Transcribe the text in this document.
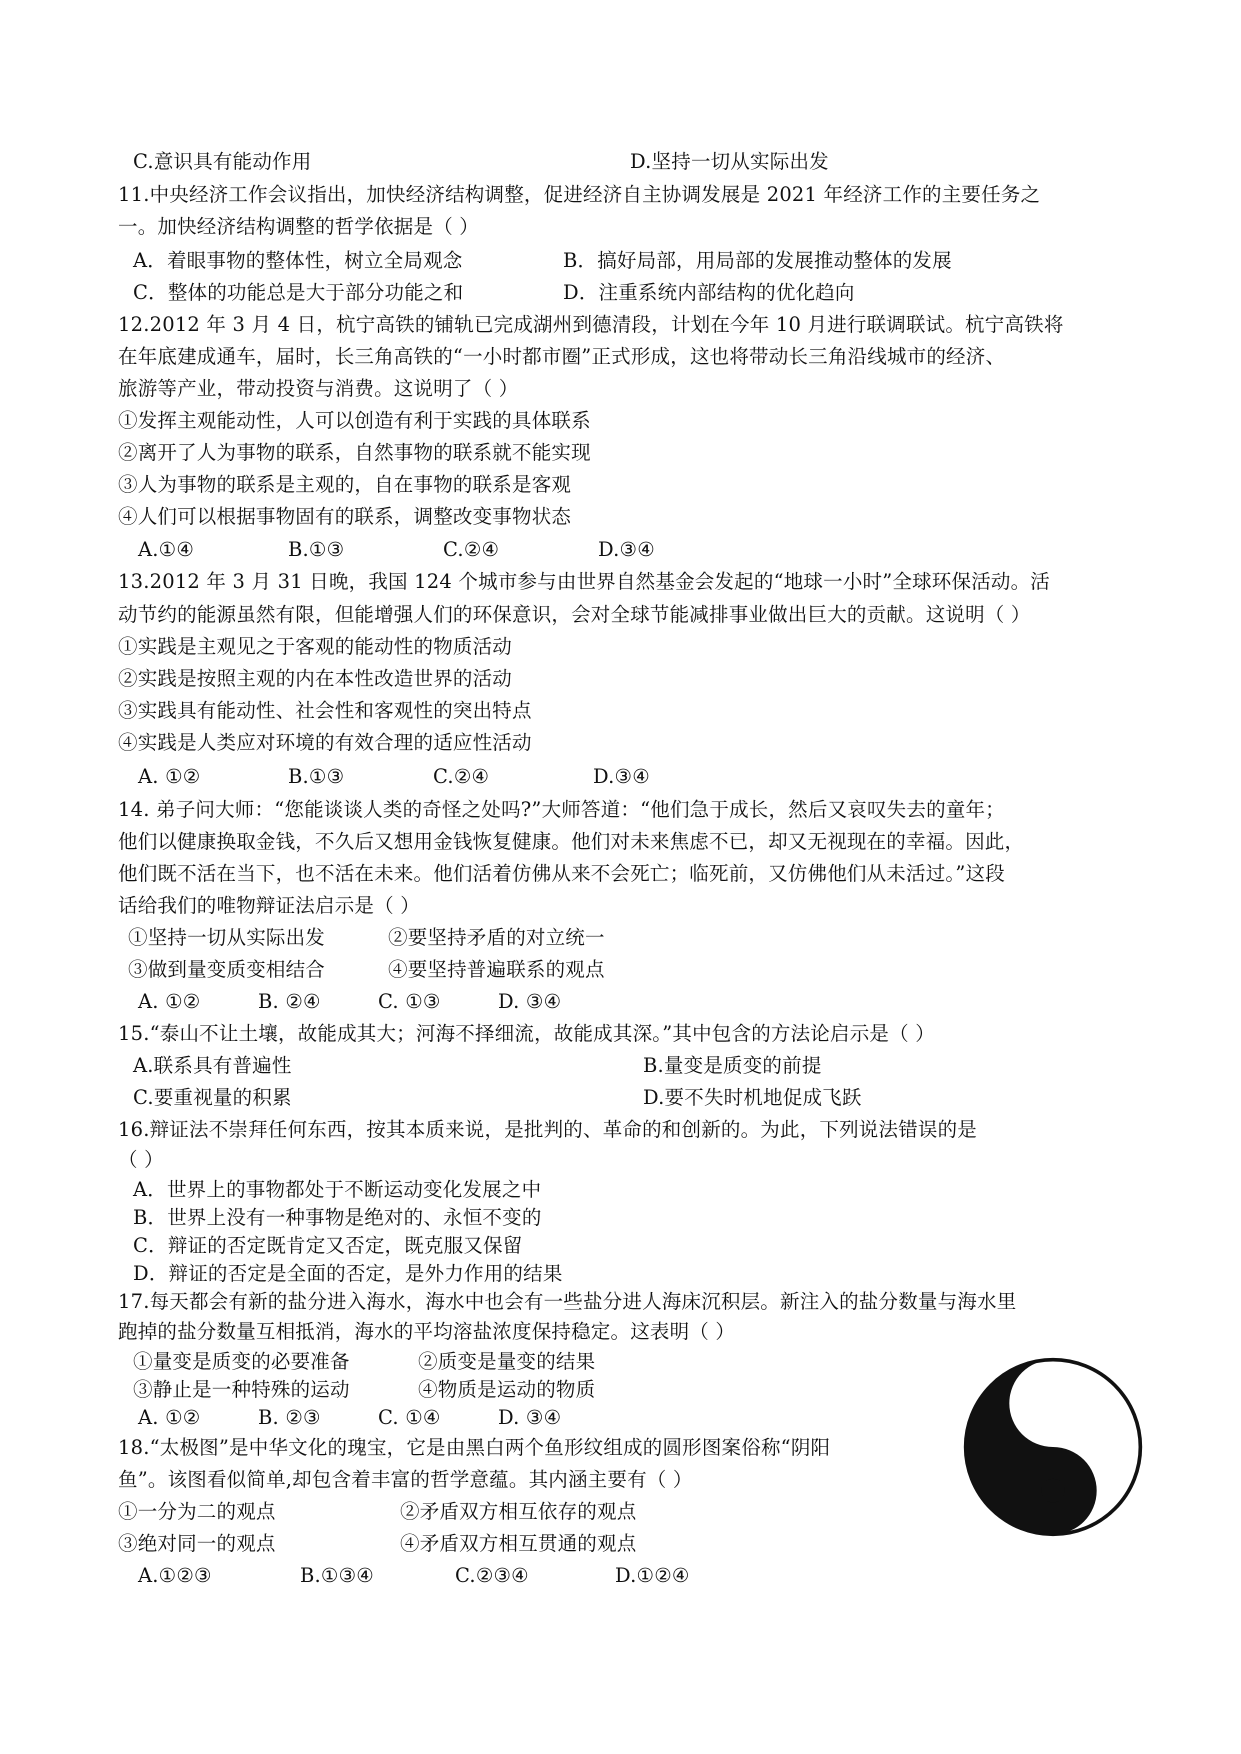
C.意识具有能动作用	D.坚持一切从实际出发
11.中央经济工作会议指出，加快经济结构调整，促进经济自主协调发展是 2021 年经济工作的主要任务之
一。加快经济结构调整的哲学依据是（ ）
A．着眼事物的整体性，树立全局观念	B．搞好局部，用局部的发展推动整体的发展
C．整体的功能总是大于部分功能之和	D．注重系统内部结构的优化趋向
12.2012 年 3 月 4 日，杭宁高铁的铺轨已完成湖州到德清段，计划在今年 10 月进行联调联试。杭宁高铁将
在年底建成通车，届时，长三角高铁的“一小时都市圈”正式形成，这也将带动长三角沿线城市的经济、
旅游等产业，带动投资与消费。这说明了（ ）
①发挥主观能动性，人可以创造有利于实践的具体联系
②离开了人为事物的联系，自然事物的联系就不能实现
③人为事物的联系是主观的，自在事物的联系是客观
④人们可以根据事物固有的联系，调整改变事物状态
A.①④	B.①③	C.②④	D.③④
13.2012 年 3 月 31 日晚，我国 124 个城市参与由世界自然基金会发起的“地球一小时”全球环保活动。活
动节约的能源虽然有限，但能增强人们的环保意识，会对全球节能减排事业做出巨大的贡献。这说明（ ）
①实践是主观见之于客观的能动性的物质活动
②实践是按照主观的内在本性改造世界的活动
③实践具有能动性、社会性和客观性的突出特点
④实践是人类应对环境的有效合理的适应性活动
A. ①②	B.①③	C.②④	D.③④
14. 弟子问大师：“您能谈谈人类的奇怪之处吗?”大师答道：“他们急于成长，然后又哀叹失去的童年；
他们以健康换取金钱，不久后又想用金钱恢复健康。他们对未来焦虑不已，却又无视现在的幸福。因此，
他们既不活在当下，也不活在未来。他们活着仿佛从来不会死亡；临死前，又仿佛他们从未活过。”这段
话给我们的唯物辩证法启示是（ ）
①坚持一切从实际出发	②要坚持矛盾的对立统一
③做到量变质变相结合	④要坚持普遍联系的观点
A. ①②	B. ②④	C. ①③	D. ③④
15.“泰山不让土壤，故能成其大；河海不择细流，故能成其深。”其中包含的方法论启示是（ ）
A.联系具有普遍性	B.量变是质变的前提
C.要重视量的积累	D.要不失时机地促成飞跃
16.辩证法不崇拜任何东西，按其本质来说，是批判的、革命的和创新的。为此，下列说法错误的是
（ ）
A．世界上的事物都处于不断运动变化发展之中
B．世界上没有一种事物是绝对的、永恒不变的
C．辩证的否定既肯定又否定，既克服又保留
D．辩证的否定是全面的否定，是外力作用的结果
17.每天都会有新的盐分进入海水，海水中也会有一些盐分进人海床沉积层。新注入的盐分数量与海水里
跑掉的盐分数量互相抵消，海水的平均溶盐浓度保持稳定。这表明（ ）
①量变是质变的必要准备	②质变是量变的结果
③静止是一种特殊的运动	④物质是运动的物质
A. ①②	B. ②③	C. ①④	D. ③④
18.“太极图”是中华文化的瑰宝，它是由黑白两个鱼形纹组成的圆形图案俗称“阴阳
鱼”。该图看似简单,却包含着丰富的哲学意蕴。其内涵主要有（ ）
①一分为二的观点	②矛盾双方相互依存的观点
③绝对同一的观点	④矛盾双方相互贯通的观点
A.①②③	B.①③④	C.②③④	D.①②④
